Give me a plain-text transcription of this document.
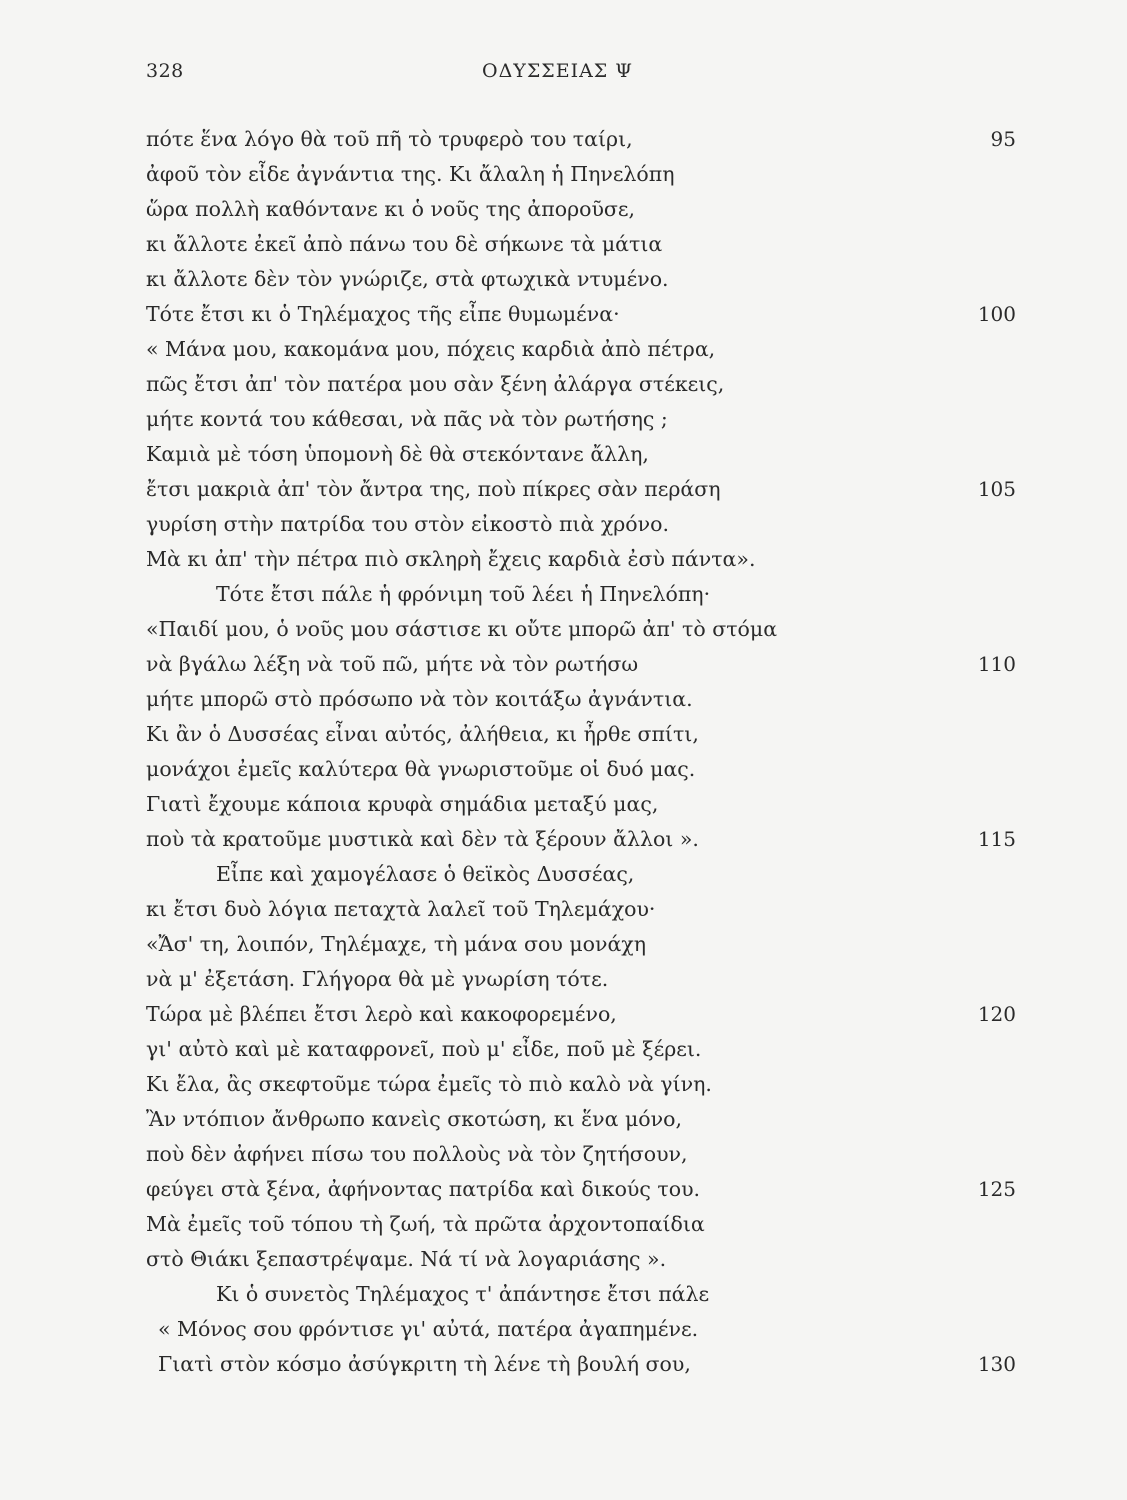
328	ΟΔΥΣΣΕΙΑΣ Ψ
πότε ἕνα λόγο θὰ τοῦ πῆ τὸ τρυφερὸ του ταίρι,	95
ἀφοῦ τὸν εἶδε ἀγνάντια της. Κι ἄλαλη ἡ Πηνελόπη
ὥρα πολλὴ καθόντανε κι ὁ νοῦς της ἀποροῦσε,
κι ἄλλοτε ἐκεῖ ἀπὸ πάνω του δὲ σήκωνε τὰ μάτια
κι ἄλλοτε δὲν τὸν γνώριζε, στὰ φτωχικὰ ντυμένο.
Τότε ἔτσι κι ὁ Τηλέμαχος τῆς εἶπε θυμωμένα·	100
« Μάνα μου, κακομάνα μου, πόχεις καρδιὰ ἀπὸ πέτρα,
πῶς ἔτσι ἀπ' τὸν πατέρα μου σὰν ξένη ἀλάργα στέκεις,
μήτε κοντά του κάθεσαι, νὰ πᾶς νὰ τὸν ρωτήσης ;
Καμιὰ μὲ τόση ὑπομονὴ δὲ θὰ στεκόντανε ἄλλη,
ἔτσι μακριὰ ἀπ' τὸν ἄντρα της, ποὺ πίκρες σὰν περάση	105
γυρίση στὴν πατρίδα του στὸν εἰκοστὸ πιὰ χρόνο.
Μὰ κι ἀπ' τὴν πέτρα πιὸ σκληρὴ ἔχεις καρδιὰ ἐσὺ πάντα».
Τότε ἔτσι πάλε ἡ φρόνιμη τοῦ λέει ἡ Πηνελόπη·
«Παιδί μου, ὁ νοῦς μου σάστισε κι οὔτε μπορῶ ἀπ' τὸ στόμα
νὰ βγάλω λέξη νὰ τοῦ πῶ, μήτε νὰ τὸν ρωτήσω	110
μήτε μπορῶ στὸ πρόσωπο νὰ τὸν κοιτάξω ἀγνάντια.
Κι ἂν ὁ Δυσσέας εἶναι αὐτός, ἀλήθεια, κι ἦρθε σπίτι,
μονάχοι ἐμεῖς καλύτερα θὰ γνωριστοῦμε οἱ δυό μας.
Γιατὶ ἔχουμε κάποια κρυφὰ σημάδια μεταξύ μας,
ποὺ τὰ κρατοῦμε μυστικὰ καὶ δὲν τὰ ξέρουν ἄλλοι ».	115
Εἶπε καὶ χαμογέλασε ὁ θεϊκὸς Δυσσέας,
κι ἔτσι δυὸ λόγια πεταχτὰ λαλεῖ τοῦ Τηλεμάχου·
«Ἄσ' τη, λοιπόν, Τηλέμαχε, τὴ μάνα σου μονάχη
νὰ μ' ἐξετάση. Γλήγορα θὰ μὲ γνωρίση τότε.
Τώρα μὲ βλέπει ἔτσι λερὸ καὶ κακοφορεμένο,	120
γι' αὐτὸ καὶ μὲ καταφρονεῖ, ποὺ μ' εἶδε, ποῦ μὲ ξέρει.
Κι ἔλα, ἂς σκεφτοῦμε τώρα ἐμεῖς τὸ πιὸ καλὸ νὰ γίνη.
Ἂν ντόπιον ἄνθρωπο κανεὶς σκοτώση, κι ἕνα μόνο,
ποὺ δὲν ἀφήνει πίσω του πολλοὺς νὰ τὸν ζητήσουν,
φεύγει στὰ ξένα, ἀφήνοντας πατρίδα καὶ δικούς του.	125
Μὰ ἐμεῖς τοῦ τόπου τὴ ζωή, τὰ πρῶτα ἀρχοντοπαίδια
στὸ Θιάκι ξεπαστρέψαμε. Νά τί νὰ λογαριάσης ».
Κι ὁ συνετὸς Τηλέμαχος τ' ἀπάντησε ἔτσι πάλε
« Μόνος σου φρόντισε γι' αὐτά, πατέρα ἀγαπημένε.
Γιατὶ στὸν κόσμο ἀσύγκριτη τὴ λένε τὴ βουλή σου,	130
